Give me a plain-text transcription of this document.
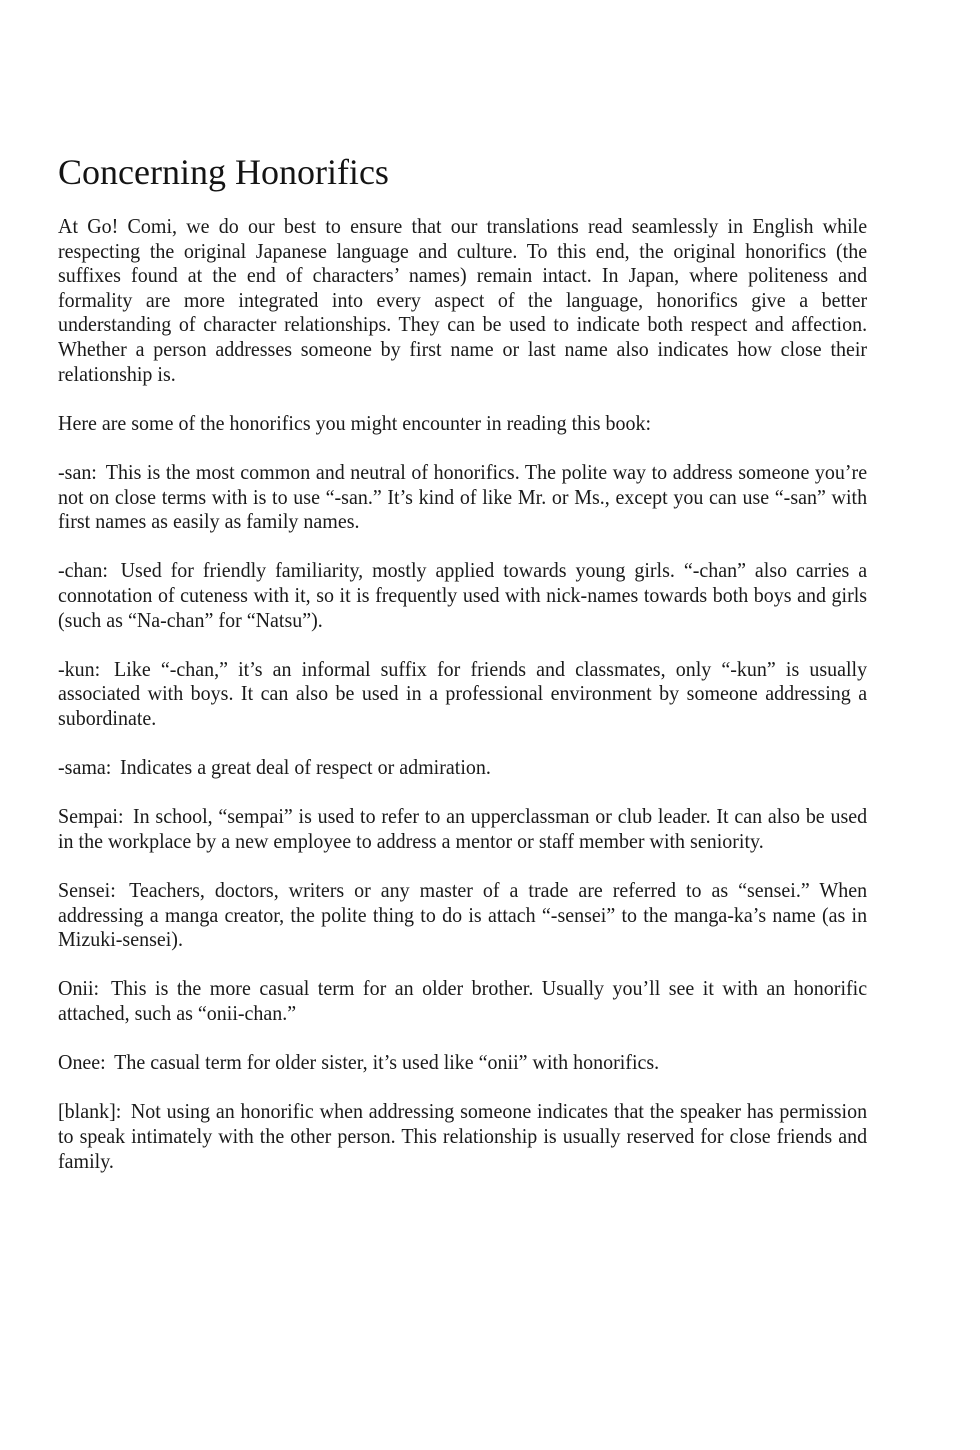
Concerning Honorifics

At Go! Comi, we do our best to ensure that our translations read seamlessly in English while respecting the original Japanese language and culture. To this end, the original honorifics (the suffixes found at the end of characters’ names) remain intact. In Japan, where politeness and formality are more integrated into every aspect of the language, honorifics give a better understanding of character relationships. They can be used to indicate both respect and affection. Whether a person addresses someone by first name or last name also indicates how close their relationship is.

Here are some of the honorifics you might encounter in reading this book:

-san: This is the most common and neutral of honorifics. The polite way to address someone you’re not on close terms with is to use “-san.” It’s kind of like Mr. or Ms., except you can use “-san” with first names as easily as family names.

-chan: Used for friendly familiarity, mostly applied towards young girls. “-chan” also carries a connotation of cuteness with it, so it is frequently used with nick-names towards both boys and girls (such as “Na-chan” for “Natsu”).

-kun: Like “-chan,” it’s an informal suffix for friends and classmates, only “-kun” is usually associated with boys. It can also be used in a professional environment by someone addressing a subordinate.

-sama: Indicates a great deal of respect or admiration.

Sempai: In school, “sempai” is used to refer to an upperclassman or club leader. It can also be used in the workplace by a new employee to address a mentor or staff member with seniority.

Sensei: Teachers, doctors, writers or any master of a trade are referred to as “sensei.” When addressing a manga creator, the polite thing to do is attach “-sensei” to the manga-ka’s name (as in Mizuki-sensei).

Onii: This is the more casual term for an older brother. Usually you’ll see it with an honorific attached, such as “onii-chan.”

Onee: The casual term for older sister, it’s used like “onii” with honorifics.

[blank]: Not using an honorific when addressing someone indicates that the speaker has permission to speak intimately with the other person. This relationship is usually reserved for close friends and family.
